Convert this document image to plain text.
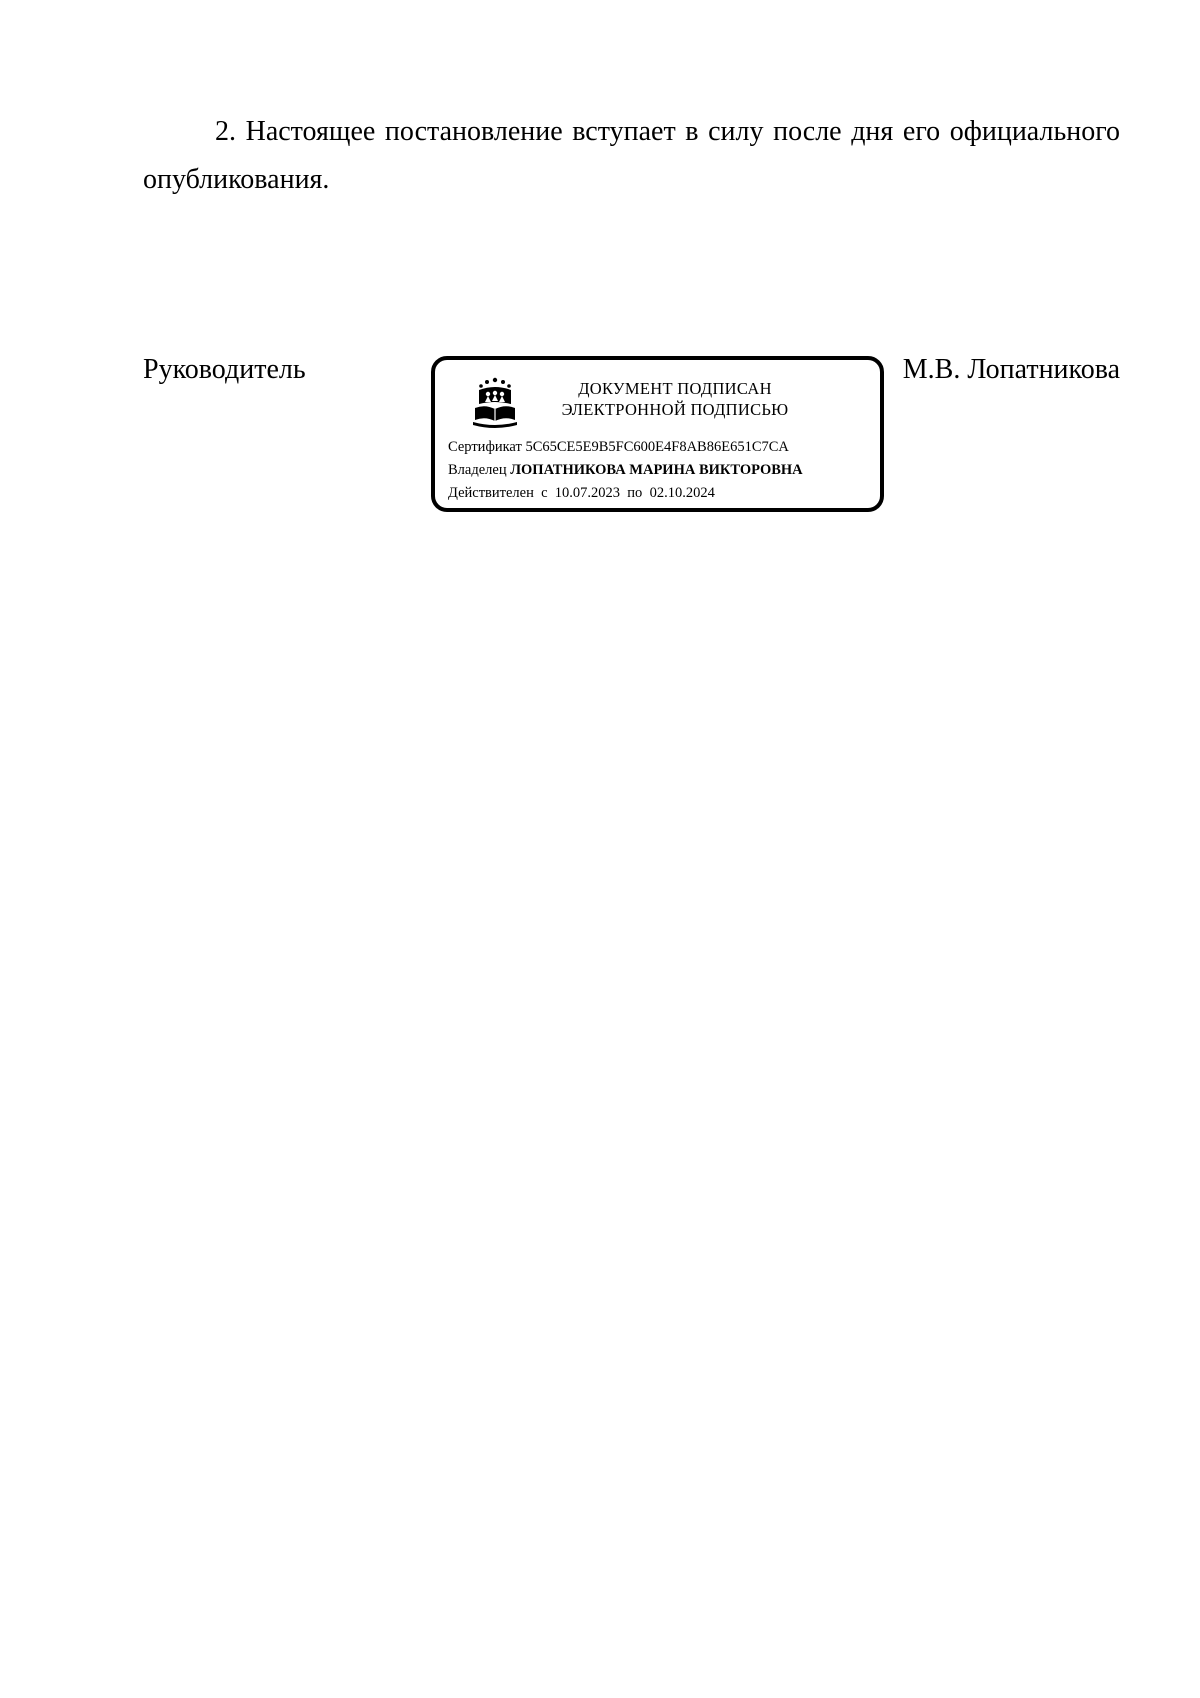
2. Настоящее постановление вступает в силу после дня его официального опубликования.

Руководитель

ДОКУМЕНТ ПОДПИСАН
ЭЛЕКТРОННОЙ ПОДПИСЬЮ
Сертификат 5C65CE5E9B5FC600E4F8AB86E651C7CA
Владелец ЛОПАТНИКОВА МАРИНА ВИКТОРОВНА
Действителен с 10.07.2023 по 02.10.2024

М.В. Лопатникова
